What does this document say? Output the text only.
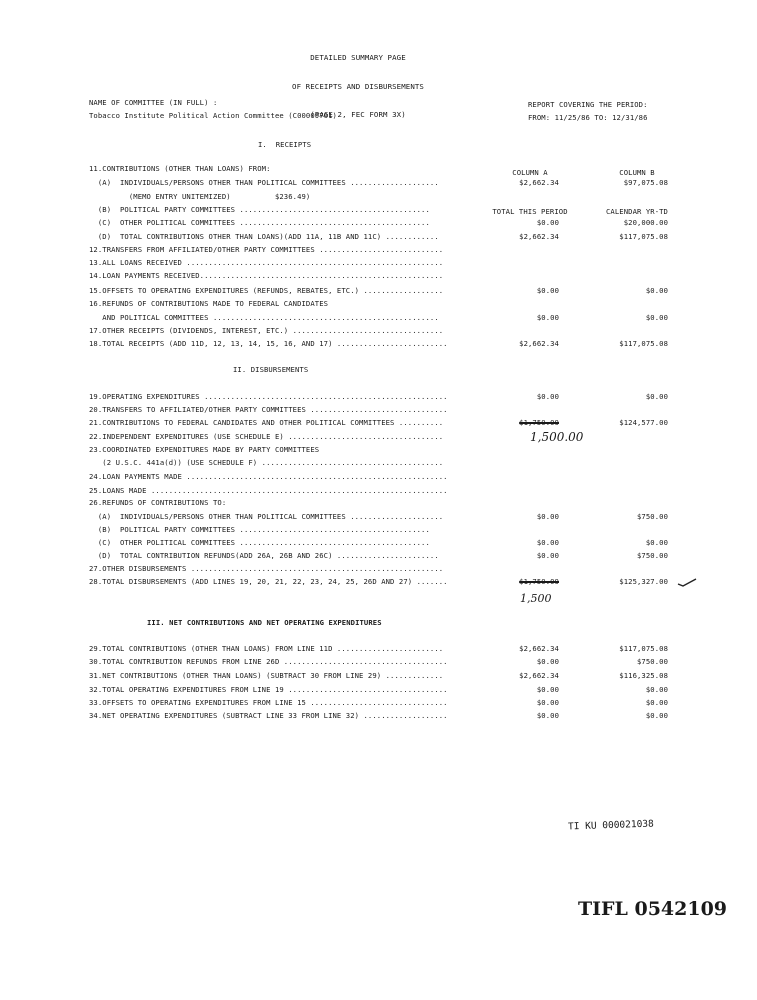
DETAILED SUMMARY PAGE

OF RECEIPTS AND DISBURSEMENTS

(PAGE 2, FEC FORM 3X)

NAME OF COMMITTEE (IN FULL) :
Tobacco Institute Political Action Committee (C00009761)
REPORT COVERING THE PERIOD:
FROM: 11/25/86 TO: 12/31/86
I.  RECEIPTS

COLUMN A

TOTAL THIS PERIOD

COLUMN B

CALENDAR YR-TD

11.CONTRIBUTIONS (OTHER THAN LOANS) FROM:
(A)  INDIVIDUALS/PERSONS OTHER THAN POLITICAL COMMITTEES ....................	$2,662.34	$97,075.08
(MEMO ENTRY UNITEMIZED)          $236.49)
(B)  POLITICAL PARTY COMMITTEES ...........................................
(C)  OTHER POLITICAL COMMITTEES ...........................................	$0.00	$20,000.00
(D)  TOTAL CONTRIBUTIONS OTHER THAN LOANS)(ADD 11A, 11B AND 11C) ............	$2,662.34	$117,075.08
12.TRANSFERS FROM AFFILIATED/OTHER PARTY COMMITTEES ............................
13.ALL LOANS RECEIVED ..........................................................
14.LOAN PAYMENTS RECEIVED.......................................................
15.OFFSETS TO OPERATING EXPENDITURES (REFUNDS, REBATES, ETC.) ..................	$0.00	$0.00
16.REFUNDS OF CONTRIBUTIONS MADE TO FEDERAL CANDIDATES
AND POLITICAL COMMITTEES ...................................................	$0.00	$0.00
17.OTHER RECEIPTS (DIVIDENDS, INTEREST, ETC.) ..................................
18.TOTAL RECEIPTS (ADD 11D, 12, 13, 14, 15, 16, AND 17) .........................	$2,662.34	$117,075.08
II. DISBURSEMENTS
19.OPERATING EXPENDITURES .......................................................	$0.00	$0.00
20.TRANSFERS TO AFFILIATED/OTHER PARTY COMMITTEES ...............................
21.CONTRIBUTIONS TO FEDERAL CANDIDATES AND OTHER POLITICAL COMMITTEES ..........	$1,750.00	$124,577.00
22.INDEPENDENT EXPENDITURES (USE SCHEDULE E) ...................................
23.COORDINATED EXPENDITURES MADE BY PARTY COMMITTEES
(2 U.S.C. 441a(d)) (USE SCHEDULE F) .........................................
24.LOAN PAYMENTS MADE ...........................................................
25.LOANS MADE ...................................................................
26.REFUNDS OF CONTRIBUTIONS TO:
(A)  INDIVIDUALS/PERSONS OTHER THAN POLITICAL COMMITTEES .....................	$0.00	$750.00
(B)  POLITICAL PARTY COMMITTEES ...........................................
(C)  OTHER POLITICAL COMMITTEES ...........................................	$0.00	$0.00
(D)  TOTAL CONTRIBUTION REFUNDS(ADD 26A, 26B AND 26C) .......................	$0.00	$750.00
27.OTHER DISBURSEMENTS .........................................................
28.TOTAL DISBURSEMENTS (ADD LINES 19, 20, 21, 22, 23, 24, 25, 26D AND 27) .......	$1,750.00	$125,327.00
1,500.00
1,500
III. NET CONTRIBUTIONS AND NET OPERATING EXPENDITURES
29.TOTAL CONTRIBUTIONS (OTHER THAN LOANS) FROM LINE 11D ........................	$2,662.34	$117,075.08
30.TOTAL CONTRIBUTION REFUNDS FROM LINE 26D .....................................	$0.00	$750.00
31.NET CONTRIBUTIONS (OTHER THAN LOANS) (SUBTRACT 30 FROM LINE 29) .............	$2,662.34	$116,325.08
32.TOTAL OPERATING EXPENDITURES FROM LINE 19 ....................................	$0.00	$0.00
33.OFFSETS TO OPERATING EXPENDITURES FROM LINE 15 ...............................	$0.00	$0.00
34.NET OPERATING EXPENDITURES (SUBTRACT LINE 33 FROM LINE 32) ...................	$0.00	$0.00
TI KU 000021038
TIFL 0542109
